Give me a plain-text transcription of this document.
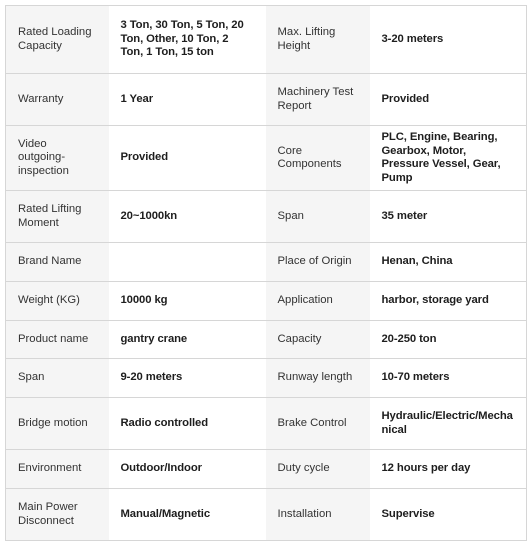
Rated Loading Capacity	3 Ton, 30 Ton, 5 Ton, 20 Ton, Other, 10 Ton, 2 Ton, 1 Ton, 15 ton	Max. Lifting Height	3-20 meters
Warranty	1 Year	Machinery Test Report	Provided
Video outgoing-inspection	Provided	Core Components	PLC, Engine, Bearing, Gearbox, Motor, Pressure Vessel, Gear, Pump
Rated Lifting Moment	20~1000kn	Span	35 meter
Brand Name		Place of Origin	Henan, China
Weight (KG)	10000 kg	Application	harbor, storage yard
Product name	gantry crane	Capacity	20-250 ton
Span	9-20 meters	Runway length	10-70 meters
Bridge motion	Radio controlled	Brake Control	Hydraulic/Electric/Mechanical
Environment	Outdoor/Indoor	Duty cycle	12 hours per day
Main Power Disconnect	Manual/Magnetic	Installation	Supervise
